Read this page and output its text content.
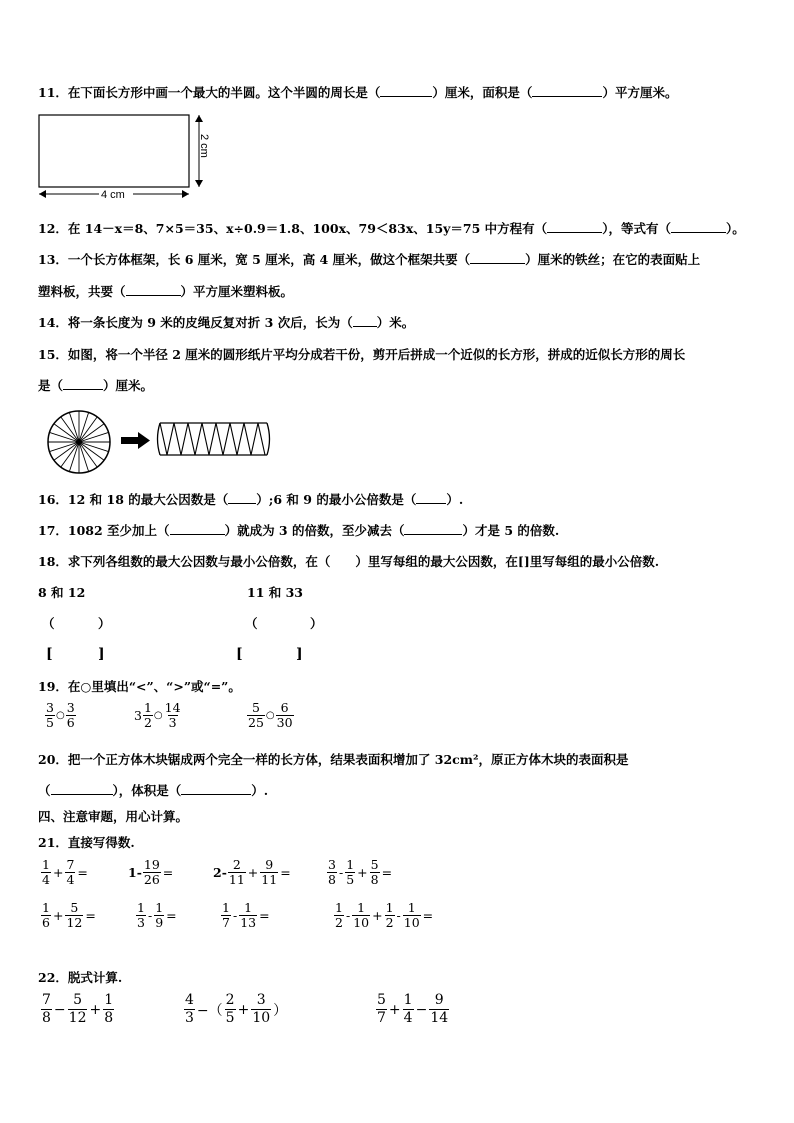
11．在下面长方形中画一个最大的半圆。这个半圆的周长是（	）厘米，面积是（	）平方厘米。
2 cm
4 cm
12．在 14－x＝8、7×5＝35、x÷0.9＝1.8、100x、79＜83x、15y＝75 中方程有（	），等式有（	）。
13．一个长方体框架，长 6 厘米，宽 5 厘米，高 4 厘米，做这个框架共要（	）厘米的铁丝；在它的表面贴上
塑料板，共要（	）平方厘米塑料板。
14．将一条长度为 9 米的皮绳反复对折 3 次后，长为（ ）米。
15．如图，将一个半径 2 厘米的圆形纸片平均分成若干份，剪开后拼成一个近似的长方形，拼成的近似长方形的周长
是（	）厘米。
16．12 和 18 的最大公因数是（ ）;6 和 9 的最小公倍数是（ ）.
17．1082 至少加上（	）就成为 3 的倍数，至少减去（	）才是 5 的倍数.
18．求下列各组数的最大公因数与最小公倍数，在（　　）里写每组的最大公因数，在[]里写每组的最小公倍数.
8 和 12	11 和 33
（	）	（	）
[	]	[	]
19．在○里填出“<”、“>”或“=”。
$\frac{3}{5}$ ○ $\frac{3}{6}$	$3 \frac{1}{2}$ ○ $\frac{14}{3}$	$\frac{5}{25}$ ○ $\frac{6}{30}$
20．把一个正方体木块锯成两个完全一样的长方体，结果表面积增加了 32cm²，原正方体木块的表面积是
（	），体积是（	）.
四、注意审题，用心计算。
21．直接写得数.
$\frac{1}{4} + \frac{7}{4}$ =	$1- \frac{19}{26}$ =	$2- \frac{2}{11} + \frac{9}{11}$ =	$\frac{3}{8} - \frac{1}{5} + \frac{5}{8}$ =
$\frac{1}{6} + \frac{5}{12}$ =	$\frac{1}{3} - \frac{1}{9}$ =	$\frac{1}{7} - \frac{1}{13}$ =	$\frac{1}{2} - \frac{1}{10} + \frac{1}{2} - \frac{1}{10}$ =
22．脱式计算.
$\frac{7}{8} - \frac{5}{12} + \frac{1}{8}$	$\frac{4}{3}$ −（ $\frac{2}{5} + \frac{3}{10}$ ）	$\frac{5}{7} + \frac{1}{4} - \frac{9}{14}$
